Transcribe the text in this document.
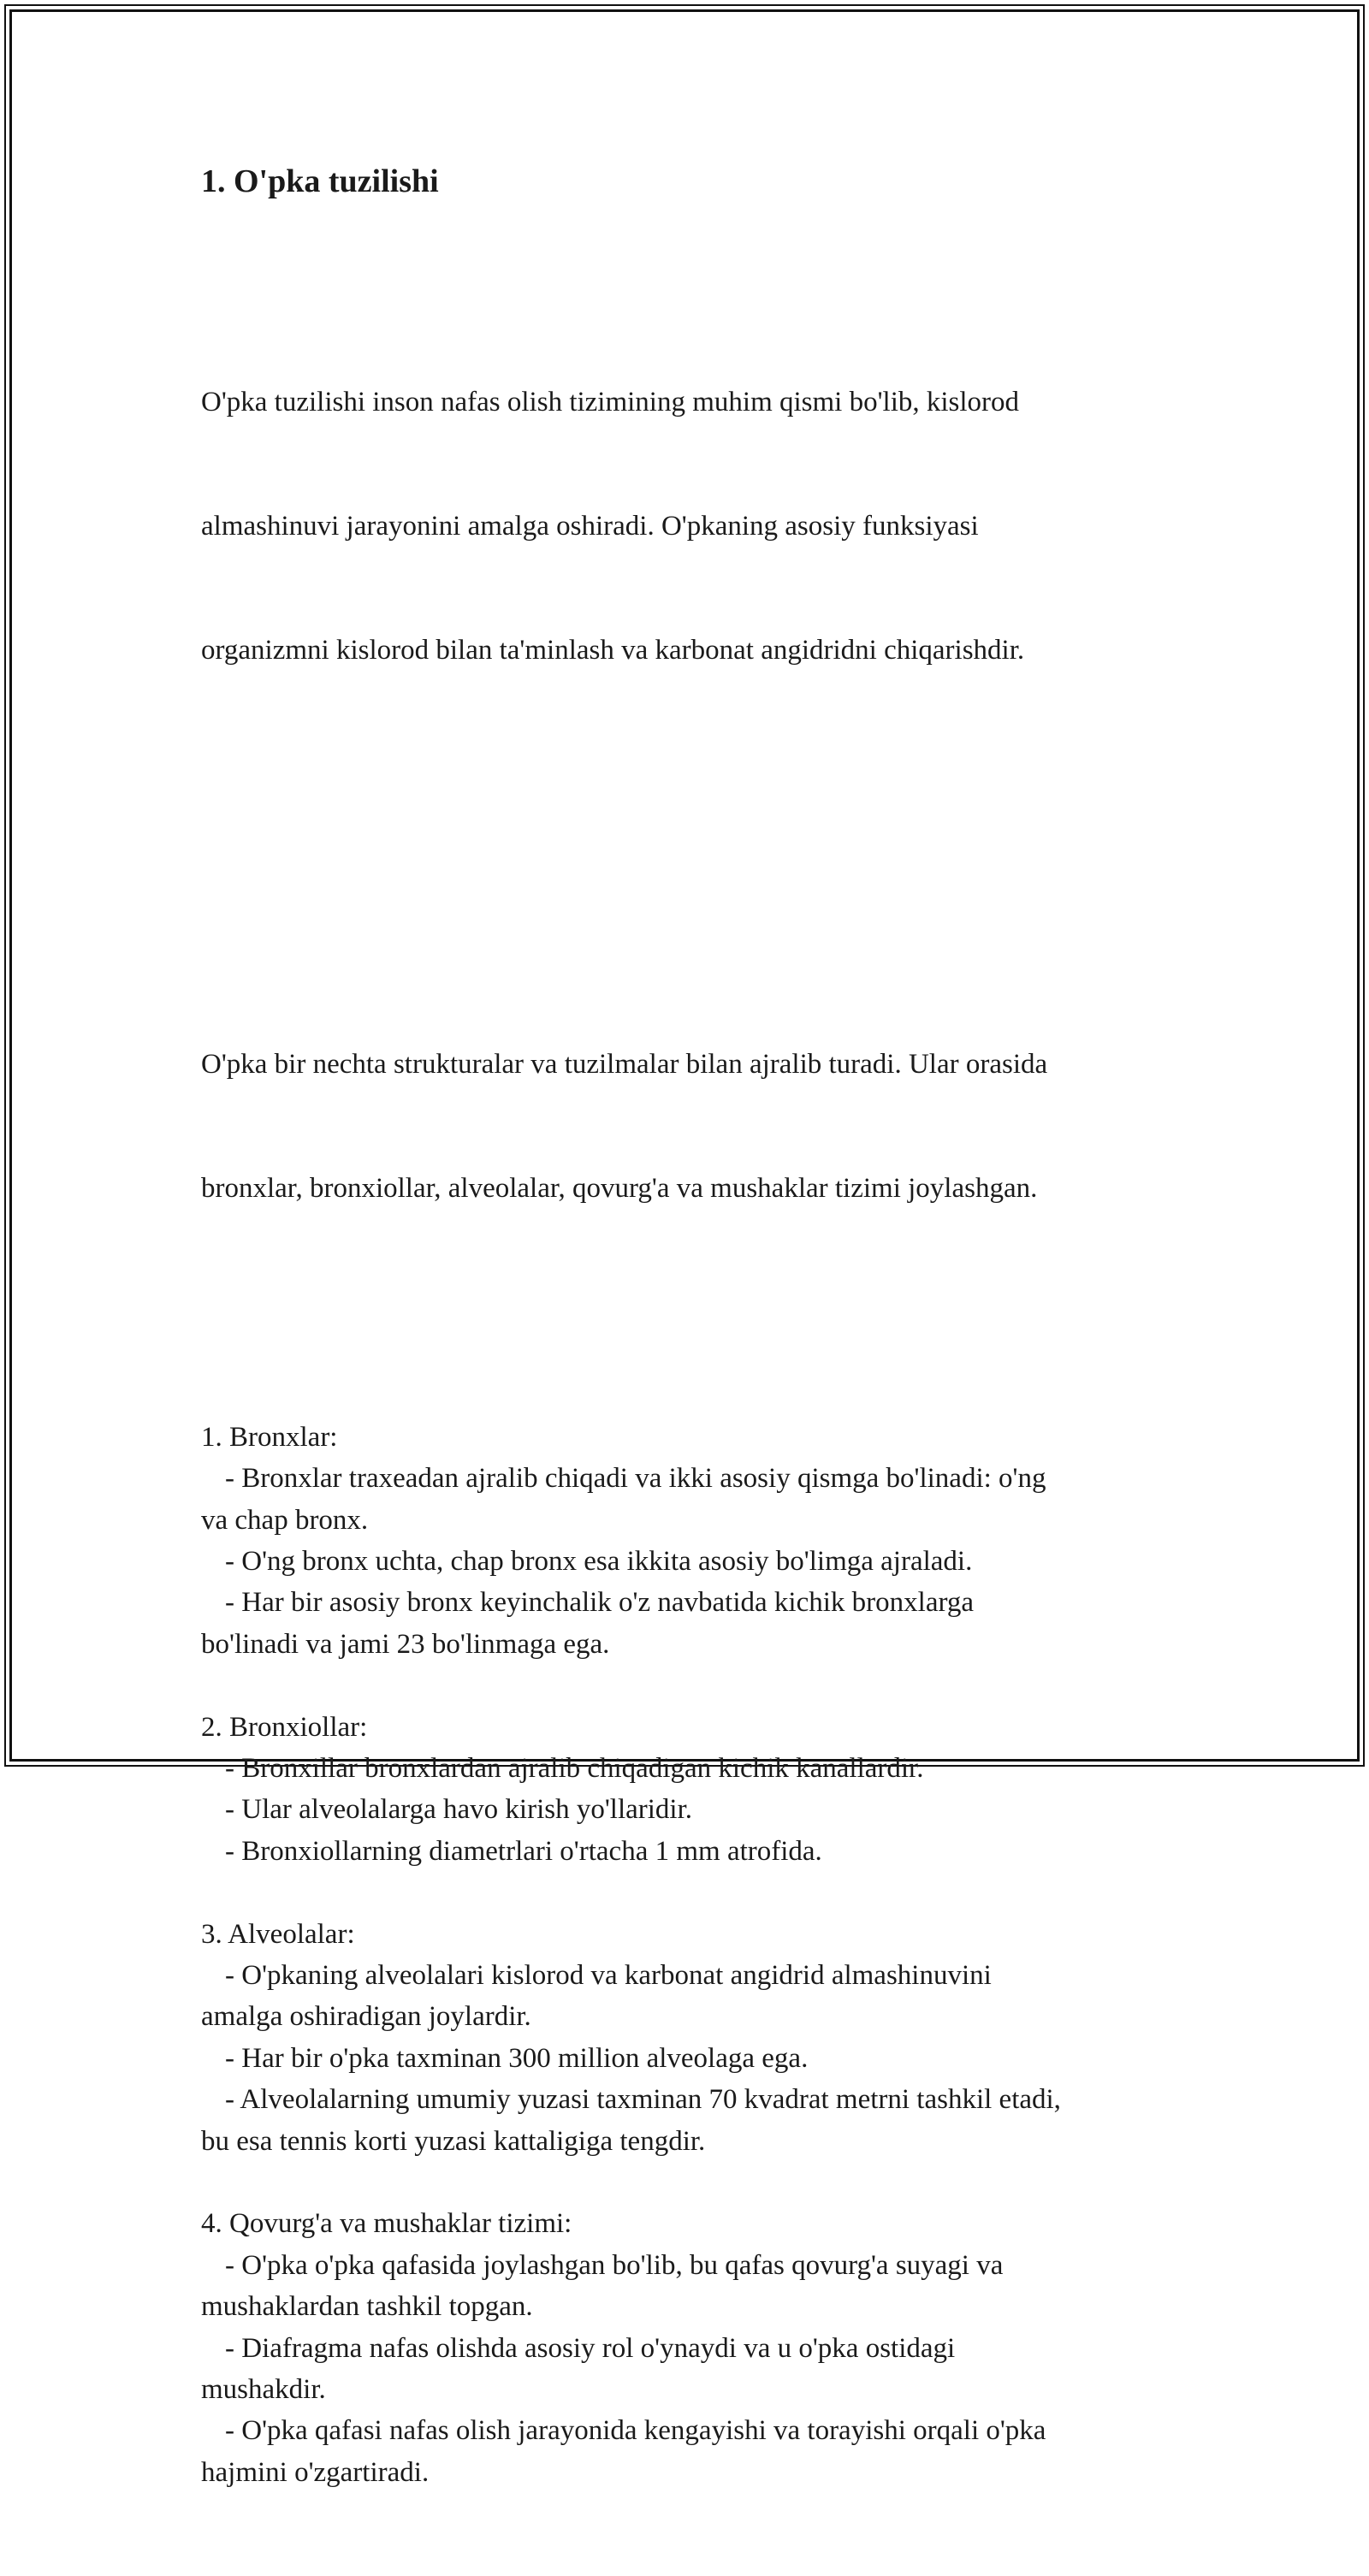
1. O'pka tuzilishi

O'pka tuzilishi inson nafas olish tizimining muhim qismi bo'lib, kislorod

almashinuvi jarayonini amalga oshiradi. O'pkaning asosiy funksiyasi

organizmni kislorod bilan ta'minlash va karbonat angidridni chiqarishdir.

O'pka bir nechta strukturalar va tuzilmalar bilan ajralib turadi. Ular orasida

bronxlar, bronxiollar, alveolalar, qovurg'a va mushaklar tizimi joylashgan.

1. Bronxlar:
- Bronxlar traxeadan ajralib chiqadi va ikki asosiy qismga bo'linadi: o'ng
va chap bronx.
- O'ng bronx uchta, chap bronx esa ikkita asosiy bo'limga ajraladi.
- Har bir asosiy bronx keyinchalik o'z navbatida kichik bronxlarga
bo'linadi va jami 23 bo'linmaga ega.
2. Bronxiollar:
- Bronxillar bronxlardan ajralib chiqadigan kichik kanallardir.
- Ular alveolalarga havo kirish yo'llaridir.
- Bronxiollarning diametrlari o'rtacha 1 mm atrofida.
3. Alveolalar:
- O'pkaning alveolalari kislorod va karbonat angidrid almashinuvini
amalga oshiradigan joylardir.
- Har bir o'pka taxminan 300 million alveolaga ega.
- Alveolalarning umumiy yuzasi taxminan 70 kvadrat metrni tashkil etadi,
bu esa tennis korti yuzasi kattaligiga tengdir.
4. Qovurg'a va mushaklar tizimi:
- O'pka o'pka qafasida joylashgan bo'lib, bu qafas qovurg'a suyagi va
mushaklardan tashkil topgan.
- Diafragma nafas olishda asosiy rol o'ynaydi va u o'pka ostidagi
mushakdir.
- O'pka qafasi nafas olish jarayonida kengayishi va torayishi orqali o'pka
hajmini o'zgartiradi.
